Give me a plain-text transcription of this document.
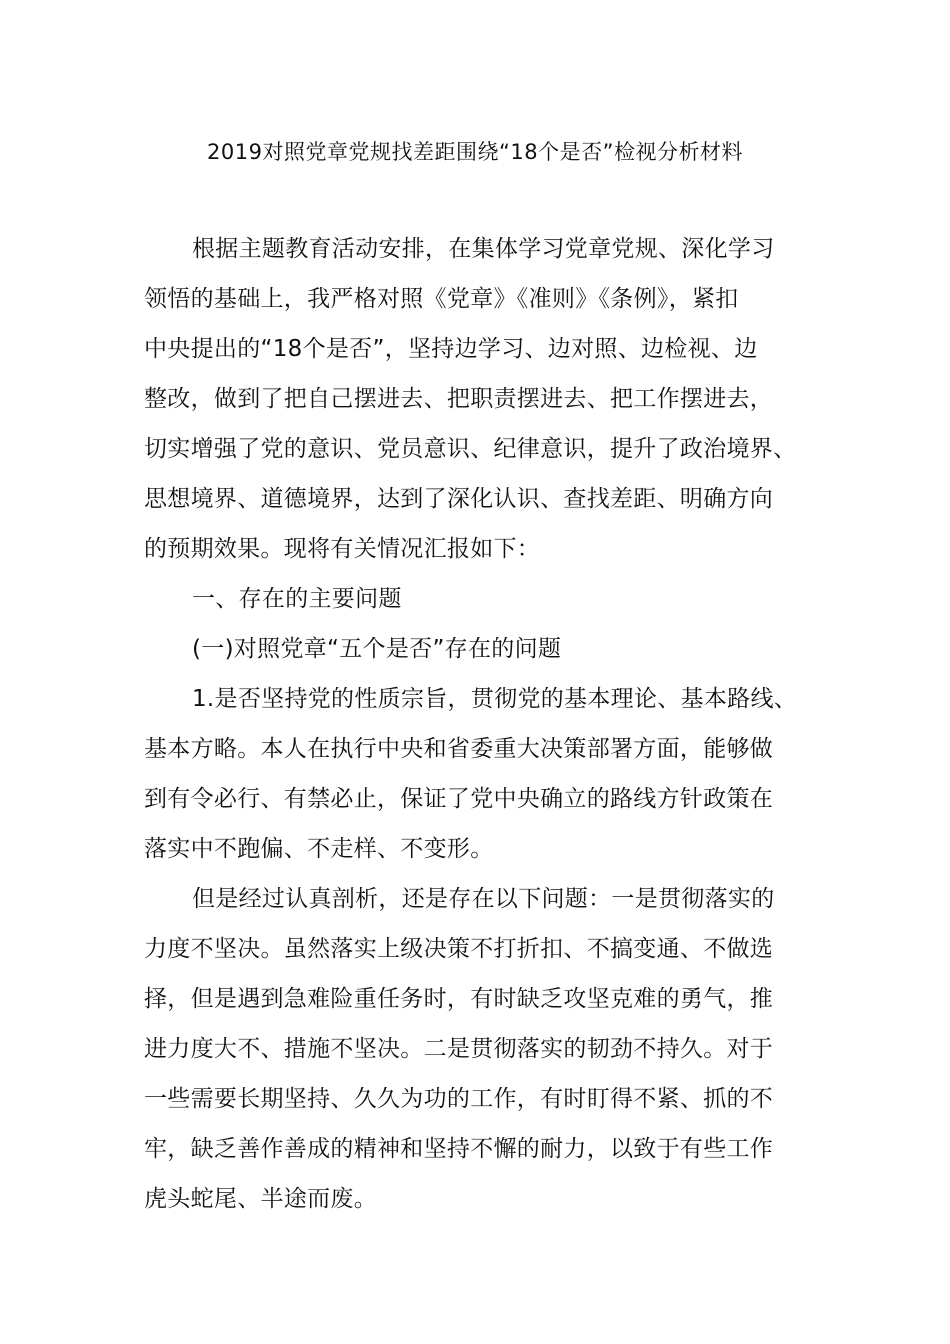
2019对照党章党规找差距围绕“18个是否”检视分析材料
根据主题教育活动安排，在集体学习党章党规、深化学习
领悟的基础上，我严格对照《党章》《准则》《条例》，紧扣
中央提出的“18个是否”，坚持边学习、边对照、边检视、边
整改，做到了把自己摆进去、把职责摆进去、把工作摆进去，
切实增强了党的意识、党员意识、纪律意识，提升了政治境界、
思想境界、道德境界，达到了深化认识、查找差距、明确方向
的预期效果。现将有关情况汇报如下：
一、存在的主要问题
(一)对照党章“五个是否”存在的问题
1.是否坚持党的性质宗旨，贯彻党的基本理论、基本路线、
基本方略。本人在执行中央和省委重大决策部署方面，能够做
到有令必行、有禁必止，保证了党中央确立的路线方针政策在
落实中不跑偏、不走样、不变形。
但是经过认真剖析，还是存在以下问题：一是贯彻落实的
力度不坚决。虽然落实上级决策不打折扣、不搞变通、不做选
择，但是遇到急难险重任务时，有时缺乏攻坚克难的勇气，推
进力度大不、措施不坚决。二是贯彻落实的韧劲不持久。对于
一些需要长期坚持、久久为功的工作，有时盯得不紧、抓的不
牢，缺乏善作善成的精神和坚持不懈的耐力，以致于有些工作
虎头蛇尾、半途而废。
